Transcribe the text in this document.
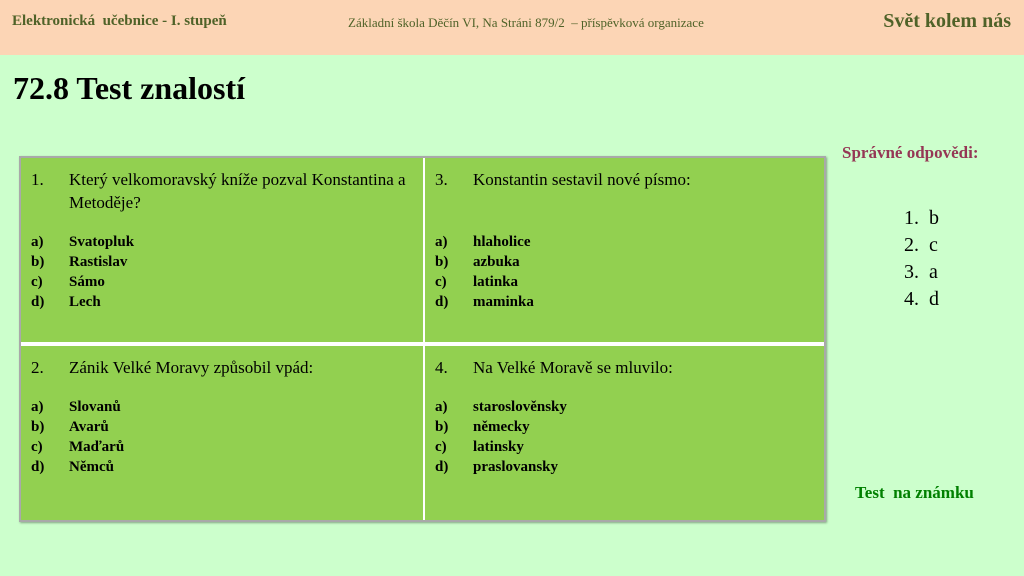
Elektronická  učebnice - I. stupeň	Základní škola Děčín VI, Na Stráni 879/2  – příspěvková organizace	Svět kolem nás
72.8 Test znalostí
1.	Který velkomoravský kníže pozval Konstantina a Metoděje?
a)	Svatopluk
b)	Rastislav
c)	Sámo
d)	Lech
3.	Konstantin sestavil nové písmo:
a)	hlaholice
b)	azbuka
c)	latinka
d)	maminka
2.	Zánik Velké Moravy způsobil vpád:
a)	Slovanů
b)	Avarů
c)	Maďarů
d)	Němců
4.	Na Velké Moravě se mluvilo:
a)	staroslověnsky
b)	německy
c)	latinsky
d)	praslovansky
Správné odpovědi:
1. b
2. c
3. a
4. d
Test  na známku
